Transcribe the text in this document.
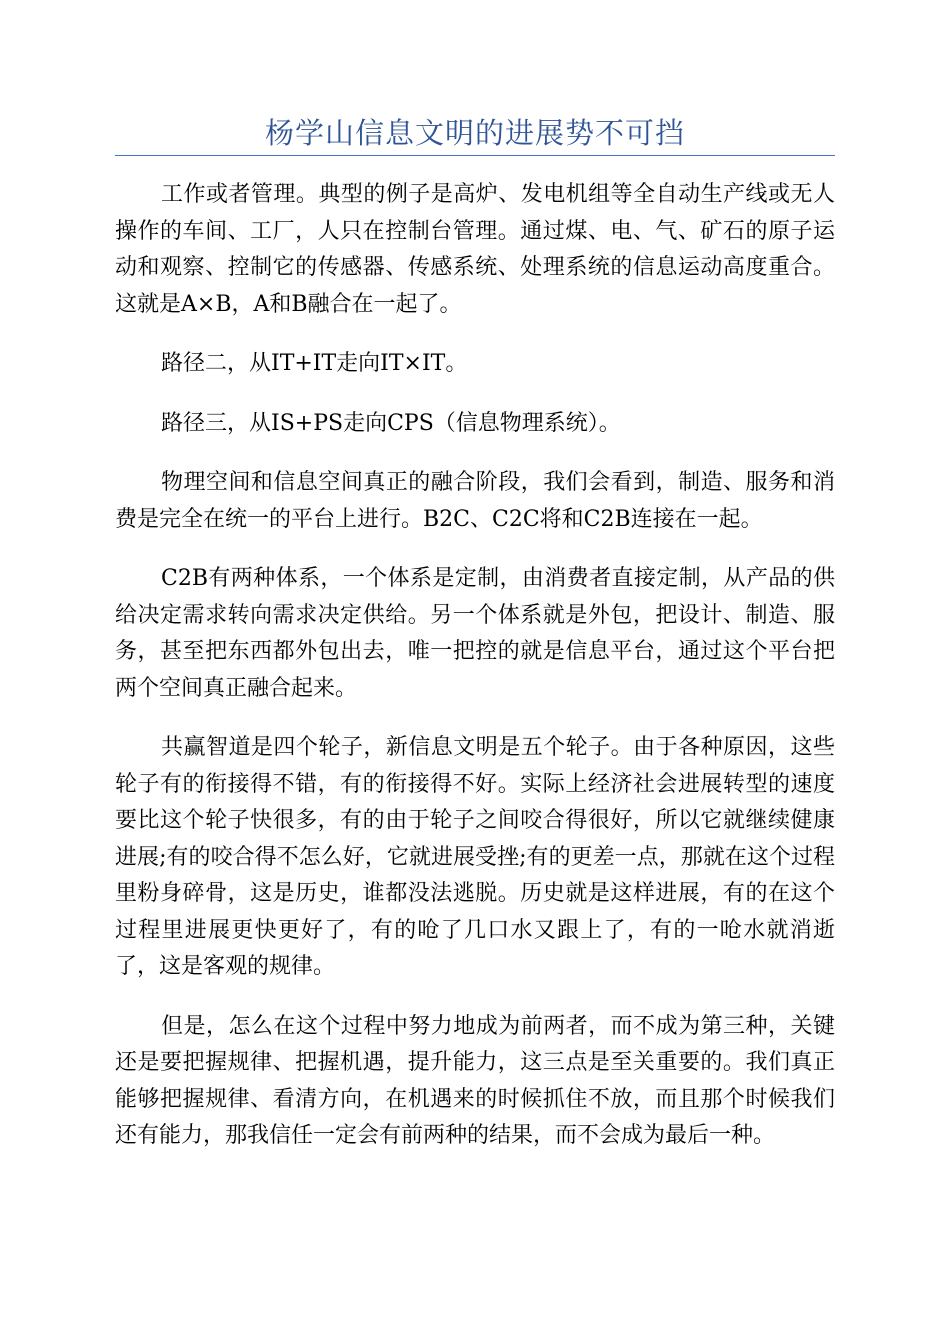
杨学山信息文明的进展势不可挡

工作或者管理。典型的例子是高炉、发电机组等全自动生产线或无人操作的车间、工厂，人只在控制台管理。通过煤、电、气、矿石的原子运动和观察、控制它的传感器、传感系统、处理系统的信息运动高度重合。这就是A×B，A和B融合在一起了。

路径二，从IT+IT走向IT×IT。

路径三，从IS+PS走向CPS（信息物理系统）。

物理空间和信息空间真正的融合阶段，我们会看到，制造、服务和消费是完全在统一的平台上进行。B2C、C2C将和C2B连接在一起。

C2B有两种体系，一个体系是定制，由消费者直接定制，从产品的供给决定需求转向需求决定供给。另一个体系就是外包，把设计、制造、服务，甚至把东西都外包出去，唯一把控的就是信息平台，通过这个平台把两个空间真正融合起来。

共赢智道是四个轮子，新信息文明是五个轮子。由于各种原因，这些轮子有的衔接得不错，有的衔接得不好。实际上经济社会进展转型的速度要比这个轮子快很多，有的由于轮子之间咬合得很好，所以它就继续健康进展;有的咬合得不怎么好，它就进展受挫;有的更差一点，那就在这个过程里粉身碎骨，这是历史，谁都没法逃脱。历史就是这样进展，有的在这个过程里进展更快更好了，有的呛了几口水又跟上了，有的一呛水就消逝了，这是客观的规律。

但是，怎么在这个过程中努力地成为前两者，而不成为第三种，关键还是要把握规律、把握机遇，提升能力，这三点是至关重要的。我们真正能够把握规律、看清方向，在机遇来的时候抓住不放，而且那个时候我们还有能力，那我信任一定会有前两种的结果，而不会成为最后一种。
